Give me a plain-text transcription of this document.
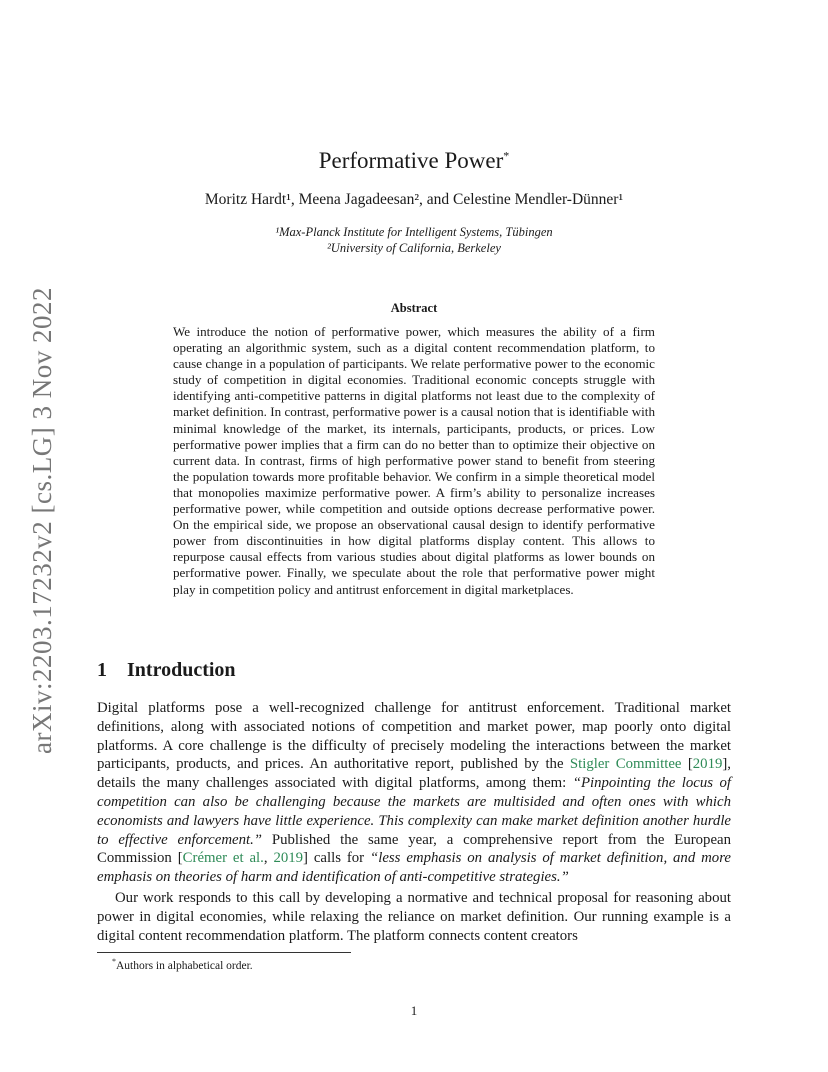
arXiv:2203.17232v2 [cs.LG] 3 Nov 2022
Performative Power*
Moritz Hardt¹, Meena Jagadeesan², and Celestine Mendler-Dünner¹
¹Max-Planck Institute for Intelligent Systems, Tübingen
²University of California, Berkeley
Abstract
We introduce the notion of performative power, which measures the ability of a firm operating an algorithmic system, such as a digital content recommendation platform, to cause change in a population of participants. We relate performative power to the economic study of competition in digital economies. Traditional economic concepts struggle with identifying anti-competitive patterns in digital platforms not least due to the complexity of market definition. In contrast, performative power is a causal notion that is identifiable with minimal knowledge of the market, its internals, participants, products, or prices. Low performative power implies that a firm can do no better than to optimize their objective on current data. In contrast, firms of high performative power stand to benefit from steering the population towards more profitable behavior. We confirm in a simple theoretical model that monopolies maximize performative power. A firm’s ability to personalize increases performative power, while competition and outside options decrease performative power. On the empirical side, we propose an observational causal design to identify performative power from discontinuities in how digital platforms display content. This allows to repurpose causal effects from various studies about digital platforms as lower bounds on performative power. Finally, we speculate about the role that performative power might play in competition policy and antitrust enforcement in digital marketplaces.
1 Introduction
Digital platforms pose a well-recognized challenge for antitrust enforcement. Traditional market definitions, along with associated notions of competition and market power, map poorly onto digital platforms. A core challenge is the difficulty of precisely modeling the interactions between the market participants, products, and prices. An authoritative report, published by the Stigler Committee [2019], details the many challenges associated with digital platforms, among them: “Pinpointing the locus of competition can also be challenging because the markets are multisided and often ones with which economists and lawyers have little experience. This complexity can make market definition another hurdle to effective enforcement.” Published the same year, a comprehensive report from the European Commission [Crémer et al., 2019] calls for “less emphasis on analysis of market definition, and more emphasis on theories of harm and identification of anti-competitive strategies.”
Our work responds to this call by developing a normative and technical proposal for reasoning about power in digital economies, while relaxing the reliance on market definition. Our running example is a digital content recommendation platform. The platform connects content creators
*Authors in alphabetical order.
1
